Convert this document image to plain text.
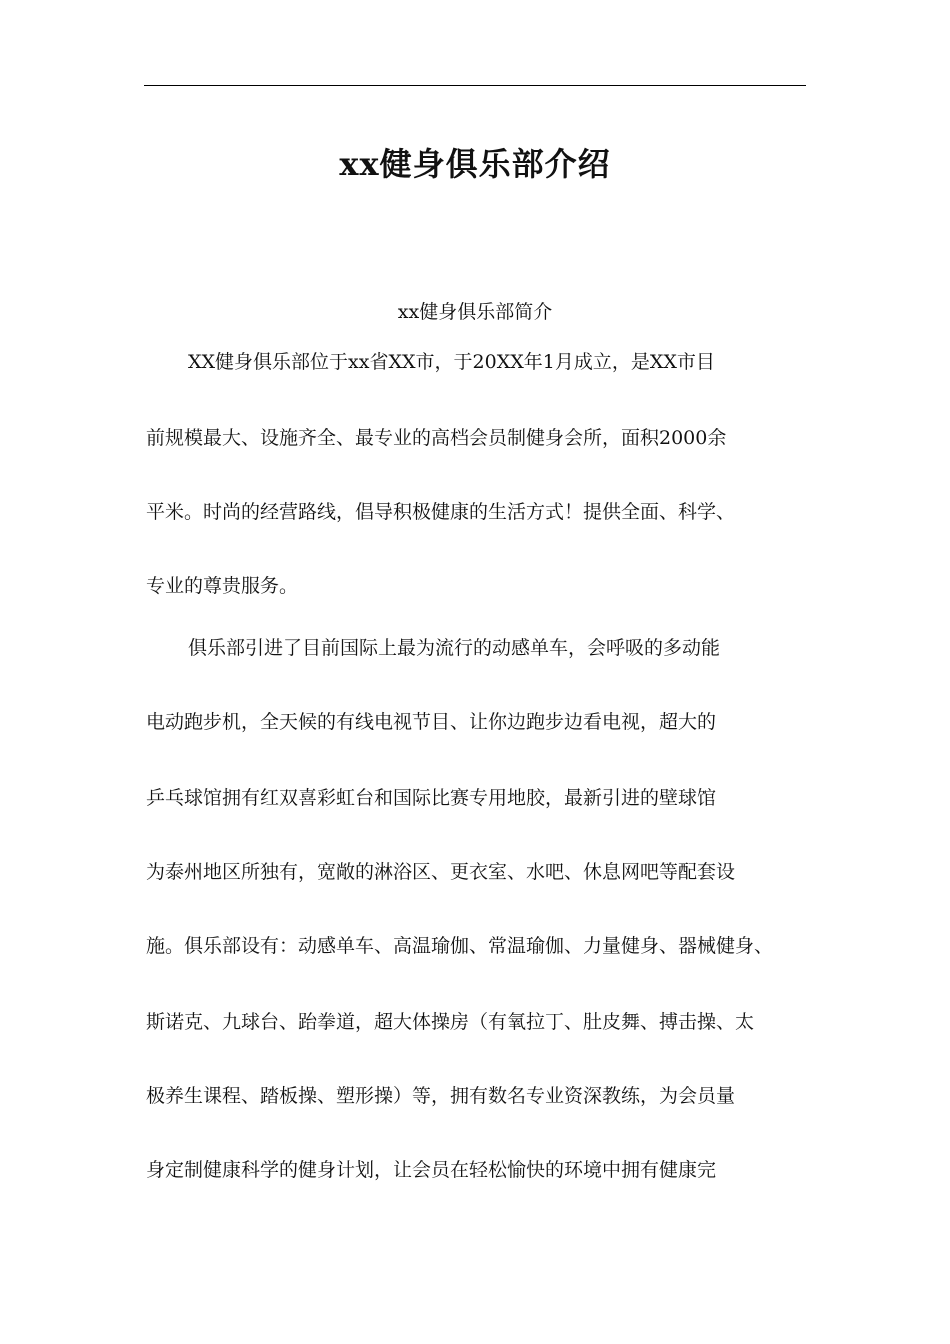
xx健身俱乐部介绍

xx健身俱乐部简介

XX健身俱乐部位于xx省XX市，于20XX年1月成立，是XX市目

前规模最大、设施齐全、最专业的高档会员制健身会所，面积2000余

平米。时尚的经营路线，倡导积极健康的生活方式！提供全面、科学、

专业的尊贵服务。

俱乐部引进了目前国际上最为流行的动感单车，会呼吸的多动能

电动跑步机，全天候的有线电视节目、让你边跑步边看电视，超大的

乒乓球馆拥有红双喜彩虹台和国际比赛专用地胶，最新引进的壁球馆

为泰州地区所独有，宽敞的淋浴区、更衣室、水吧、休息网吧等配套设

施。俱乐部设有：动感单车、高温瑜伽、常温瑜伽、力量健身、器械健身、

斯诺克、九球台、跆拳道，超大体操房（有氧拉丁、肚皮舞、搏击操、太

极养生课程、踏板操、塑形操）等，拥有数名专业资深教练，为会员量

身定制健康科学的健身计划，让会员在轻松愉快的环境中拥有健康完
